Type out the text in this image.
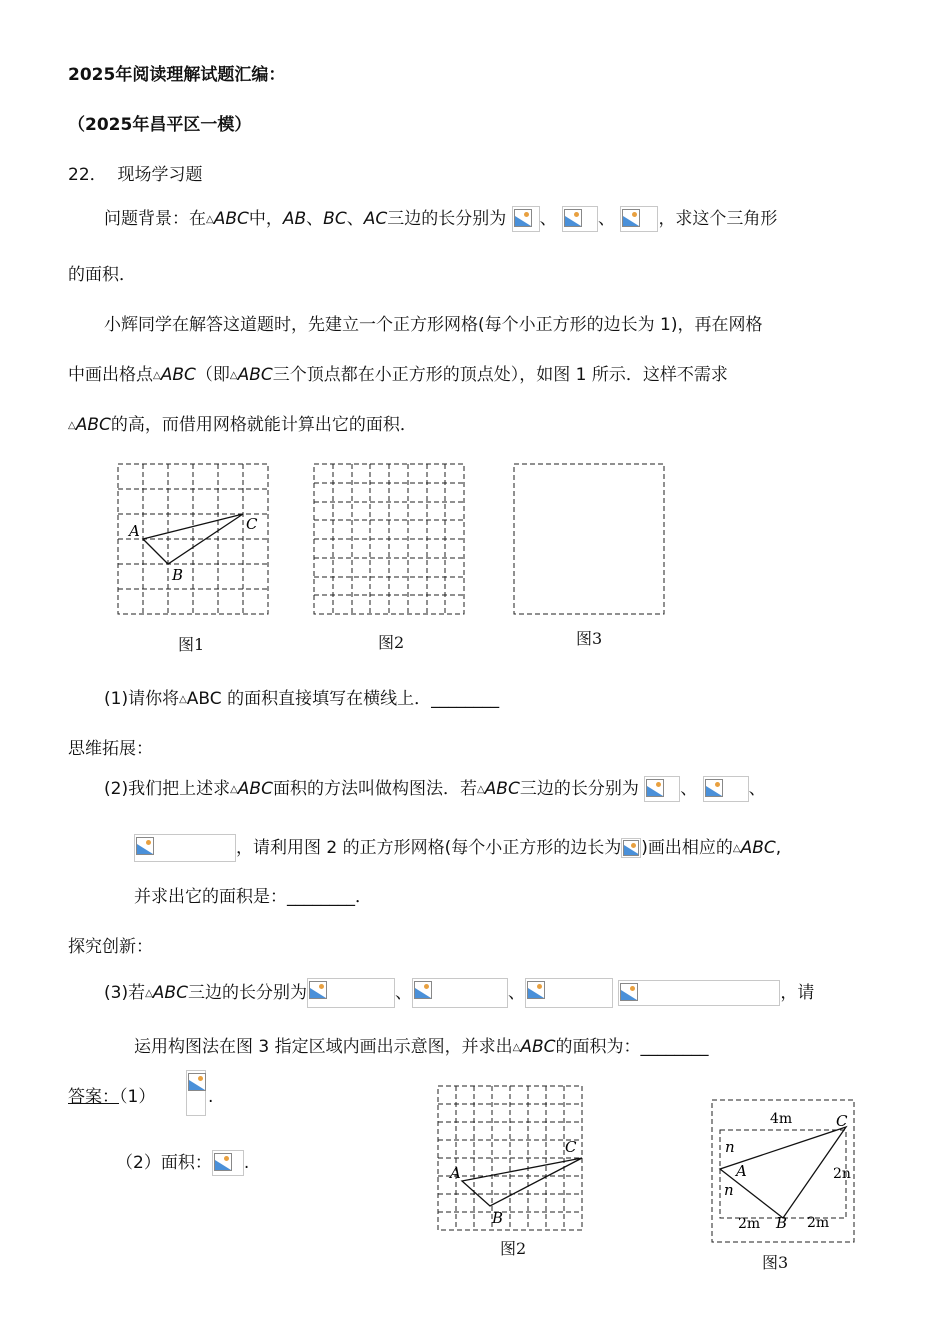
2025年阅读理解试题汇编：
（2025年昌平区一模）
22． 现场学习题
问题背景：在△ABC中，AB、BC、AC三边的长分别为 、 、	，求这个三角形
的面积．
小辉同学在解答这道题时，先建立一个正方形网格(每个小正方形的边长为 1)，再在网格
中画出格点△ABC（即△ABC三个顶点都在小正方形的顶点处），如图 1 所示．这样不需求
△ABC的高，而借用网格就能计算出它的面积．
A
B
C
图1	图2	图3
(1)请你将△ABC 的面积直接填写在横线上．________
思维拓展：
(2)我们把上述求△ABC面积的方法叫做构图法．若△ABC三边的长分别为 、	、
，请利用图 2 的正方形网格(每个小正方形的边长为 )画出相应的△ABC,
并求出它的面积是：________．
探究创新：
(3)若△ABC三边的长分别为	、	、
	，请
运用构图法在图 3 指定区域内画出示意图，并求出△ABC的面积为：________
答案：（1）	.
（2）面积： .	A
B
C
图2
4m	C
n
A
n
2n
2m B 2m
图3
